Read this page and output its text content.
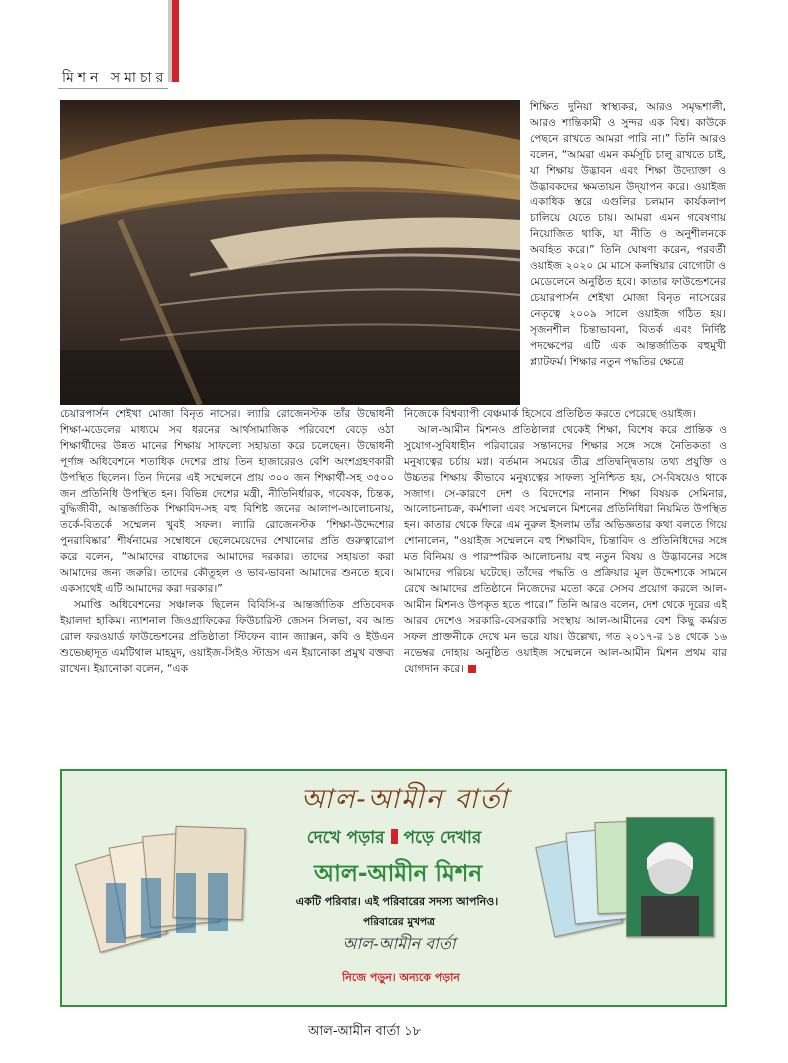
মিশন সমাচার

শিক্ষিত দুনিয়া স্বাস্থ্যকর, আরও সমৃদ্ধশালী, আরও শান্তিকামী ও সুন্দর এক বিশ্ব। কাউকে পেছনে রাখতে আমরা পারি না।” তিনি আরও বলেন, “আমরা এমন কর্মসূচি চালু রাখতে চাই, যা শিক্ষায় উদ্ভাবন এবং শিক্ষা উদ্যোক্তা ও উদ্ভাবকদের ক্ষমতায়ন উদ্‌যাপন করে। ওয়াইজ একাধিক স্তরে এগুলির চলমান কার্যকলাপ চালিয়ে যেতে চায়। আমরা এমন গবেষণায় নিয়োজিত থাকি, যা নীতি ও অনুশীলনকে অবহিত করে।” তিনি ঘোষণা করেন, পরবর্তী ওয়াইজ ২০২০ মে মাসে কলম্বিয়ার বোগোটা ও মেডেলেনে অনুষ্ঠিত হবে। কাতার ফাউন্ডেশনের চেয়ারপার্সন শেইখা মোজা বিনৃত নাসেরের নেতৃত্বে ২০০৯ সালে ওয়াইজ গঠিত হয়। সৃজনশীল চিন্তাভাবনা, বিতর্ক এবং নির্দিষ্ট পদক্ষেপের এটি এক আন্তর্জাতিক বহুমুখী প্ল্যাটফর্ম। শিক্ষার নতুন পদ্ধতির ক্ষেত্রে

চেয়ারপার্সন শেইখা মোজা বিনৃত নাসের। ল্যারি রোজেনস্টক তাঁর উদ্বোধনী শিক্ষা-মডেলের মাধ্যমে সব ধরনের আর্থসামাজিক পরিবেশে বেড়ে ওঠা শিক্ষার্থীদের উন্নত মানের শিক্ষায় সাফল্যে সহায়তা করে চলেছেন। উদ্বোধনী পূর্ণাঙ্গ অধিবেশনে শতাধিক দেশের প্রায় তিন হাজারেরও বেশি অংশগ্রহণকারী উপস্থিত ছিলেন। তিন দিনের এই সম্মেলনে প্রায় ৩০০ জন শিক্ষার্থী-সহ ৩৫০০ জন প্রতিনিধি উপস্থিত হন। বিভিন্ন দেশের মন্ত্রী, নীতিনির্ধারক, গবেষক, চিন্তক, বুদ্ধিজীবী, আন্তর্জাতিক শিক্ষাবিদ-সহ বহু বিশিষ্ট জনের আলাপ-আলোচনায়, তর্কে-বিতর্কে সম্মেলন খুবই সফল। ল্যারি রোজেনস্টক ‘শিক্ষা-উদ্দেশ্যের পুনরাবিষ্কার’ শীর্ষনামের সম্বোধনে ছেলেমেয়েদের শেখানোর প্রতি গুরুত্বারোপ করে বলেন, “আমাদের বাচ্চাদের আমাদের দরকার। তাদের সহায়তা করা আমাদের জন্য জরুরি। তাদের কৌতূহল ও ভাব-ভাবনা আমাদের শুনতে হবে। একসাথেই এটি আমাদের করা দরকার।”

সমাপ্তি অধিবেশনের সঞ্চালক ছিলেন বিবিসি-র আন্তর্জাতিক প্রতিবেদক ইয়ালদা হাকিম। ন্যাশনাল জিওগ্রাফিকের ফিউচারিস্ট জেসন সিলভা, বব আন্ড রোল ফরওয়ার্ড ফাউন্ডেশনের প্রতিষ্ঠাতা স্টিফেন ব্যান জ্যাক্সন, কবি ও ইউএন শুভেচ্ছাদূত এমটিথাল মাহমুদ, ওয়াইজ-সিইও স্টাভ্রস এন ইয়ানোকা প্রমুখ বক্তব্য রাখেন। ইয়ানোকা বলেন, “এক

নিজেকে বিশ্বব্যাপী বেঞ্চমার্ক হিসেবে প্রতিষ্ঠিত করতে পেরেছে ওয়াইজ।

আল-আমীন মিশনও প্রতিষ্ঠালগ্ন থেকেই শিক্ষা, বিশেষ করে প্রান্তিক ও সুযোগ-সুবিধাহীন পরিবারের সন্তানদের শিক্ষার সঙ্গে সঙ্গে নৈতিকতা ও মনুষ্যত্বের চর্চায় মগ্ন। বর্তমান সময়ের তীব্র প্রতিদ্বন্দ্বিতায় তথ্য প্রযুক্তি ও উচ্চতর শিক্ষায় কীভাবে মনুষ্যত্বের সাফল্য সুনিশ্চিত হয়, সে-বিষয়েও থাকে সজাগ। সে-কারণে দেশ ও বিদেশের নানান শিক্ষা বিষয়ক সেমিনার, আলোচনাচক্র, কর্মশালা এবং সম্মেলনে মিশনের প্রতিনিধিরা নিয়মিত উপস্থিত হন। কাতার থেকে ফিরে এম নুরুল ইসলাম তাঁর অভিজ্ঞতার কথা বলতে গিয়ে শোনালেন, “ওয়াইজ সম্মেলনে বহু শিক্ষাবিদ, চিন্তাবিদ ও প্রতিনিধিদের সঙ্গে মত বিনিময় ও পারস্পরিক আলোচনায় বহু নতুন বিষয় ও উদ্ভাবনের সঙ্গে আমাদের পরিচয় ঘটেছে। তাঁদের পদ্ধতি ও প্রক্রিয়ার মূল উদ্দেশ্যকে সামনে রেখে আমাদের প্রতিষ্ঠানে নিজেদের মতো করে সেসব প্রয়োগ করলে আল-আমীন মিশনও উপকৃত হতে পারে।” তিনি আরও বলেন, দেশ থেকে দূরের এই আরব দেশেও সরকারি-বেসরকারি সংস্থায় আল-আমীনের বেশ কিছু কর্মরত সফল প্রাক্তনীকে দেখে মন ভরে যায়। উল্লেখ্য, গত ২০১৭-র ১৪ থেকে ১৬ নভেম্বর দোহায় অনুষ্ঠিত ওয়াইজ সম্মেলনে আল-আমীন মিশন প্রথম বার যোগদান করে।

আল-আমীন বার্তা
দেখে পড়ার পড়ে দেখার
আল-আমীন মিশন
একটি পরিবার। এই পরিবারের সদস্য আপনিও।
পরিবারের মুখপত্র
আল-আমীন বার্তা
নিজে পড়ুন। অন্যকে পড়ান
আল-আমীন বার্তা ১৮
